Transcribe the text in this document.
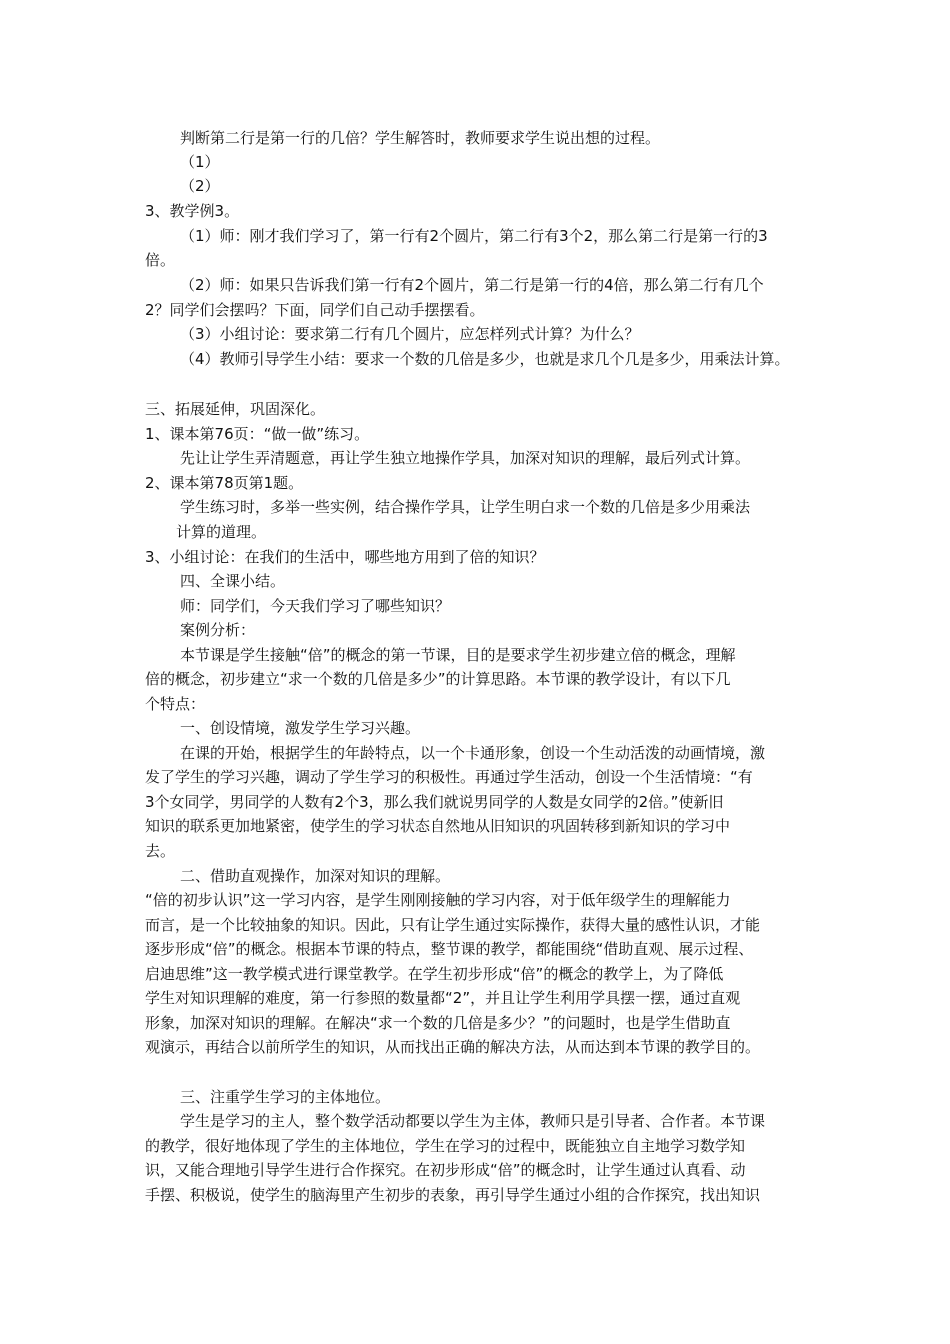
判断第二行是第一行的几倍？学生解答时，教师要求学生说出想的过程。
（1）
（2）
3、教学例3。
（1）师：刚才我们学习了，第一行有2个圆片，第二行有3个2，那么第二行是第一行的3
倍。
（2）师：如果只告诉我们第一行有2个圆片，第二行是第一行的4倍，那么第二行有几个
2？同学们会摆吗？下面，同学们自己动手摆摆看。
（3）小组讨论：要求第二行有几个圆片，应怎样列式计算？为什么？
（4）教师引导学生小结：要求一个数的几倍是多少，也就是求几个几是多少，用乘法计算。
三、拓展延伸，巩固深化。
1、课本第76页：“做一做”练习。
先让让学生弄清题意，再让学生独立地操作学具，加深对知识的理解，最后列式计算。
2、课本第78页第1题。
学生练习时，多举一些实例，结合操作学具，让学生明白求一个数的几倍是多少用乘法
计算的道理。
3、小组讨论：在我们的生活中，哪些地方用到了倍的知识？
四、全课小结。
师：同学们，今天我们学习了哪些知识？
案例分析：
本节课是学生接触“倍”的概念的第一节课，目的是要求学生初步建立倍的概念，理解
倍的概念，初步建立“求一个数的几倍是多少”的计算思路。本节课的教学设计，有以下几
个特点：
一、创设情境，激发学生学习兴趣。
在课的开始，根据学生的年龄特点，以一个卡通形象，创设一个生动活泼的动画情境，激
发了学生的学习兴趣，调动了学生学习的积极性。再通过学生活动，创设一个生活情境：“有
3个女同学，男同学的人数有2个3，那么我们就说男同学的人数是女同学的2倍。”使新旧
知识的联系更加地紧密，使学生的学习状态自然地从旧知识的巩固转移到新知识的学习中
去。
二、借助直观操作，加深对知识的理解。
“倍的初步认识”这一学习内容，是学生刚刚接触的学习内容，对于低年级学生的理解能力
而言，是一个比较抽象的知识。因此，只有让学生通过实际操作，获得大量的感性认识，才能
逐步形成“倍”的概念。根据本节课的特点，整节课的教学，都能围绕“借助直观、展示过程、
启迪思维”这一教学模式进行课堂教学。在学生初步形成“倍”的概念的教学上，为了降低
学生对知识理解的难度，第一行参照的数量都“2”，并且让学生利用学具摆一摆，通过直观
形象，加深对知识的理解。在解决“求一个数的几倍是多少？”的问题时，也是学生借助直
观演示，再结合以前所学生的知识，从而找出正确的解决方法，从而达到本节课的教学目的。
三、注重学生学习的主体地位。
学生是学习的主人，整个数学活动都要以学生为主体，教师只是引导者、合作者。本节课
的教学，很好地体现了学生的主体地位，学生在学习的过程中，既能独立自主地学习数学知
识，又能合理地引导学生进行合作探究。在初步形成“倍”的概念时，让学生通过认真看、动
手摆、积极说，使学生的脑海里产生初步的表象，再引导学生通过小组的合作探究，找出知识
